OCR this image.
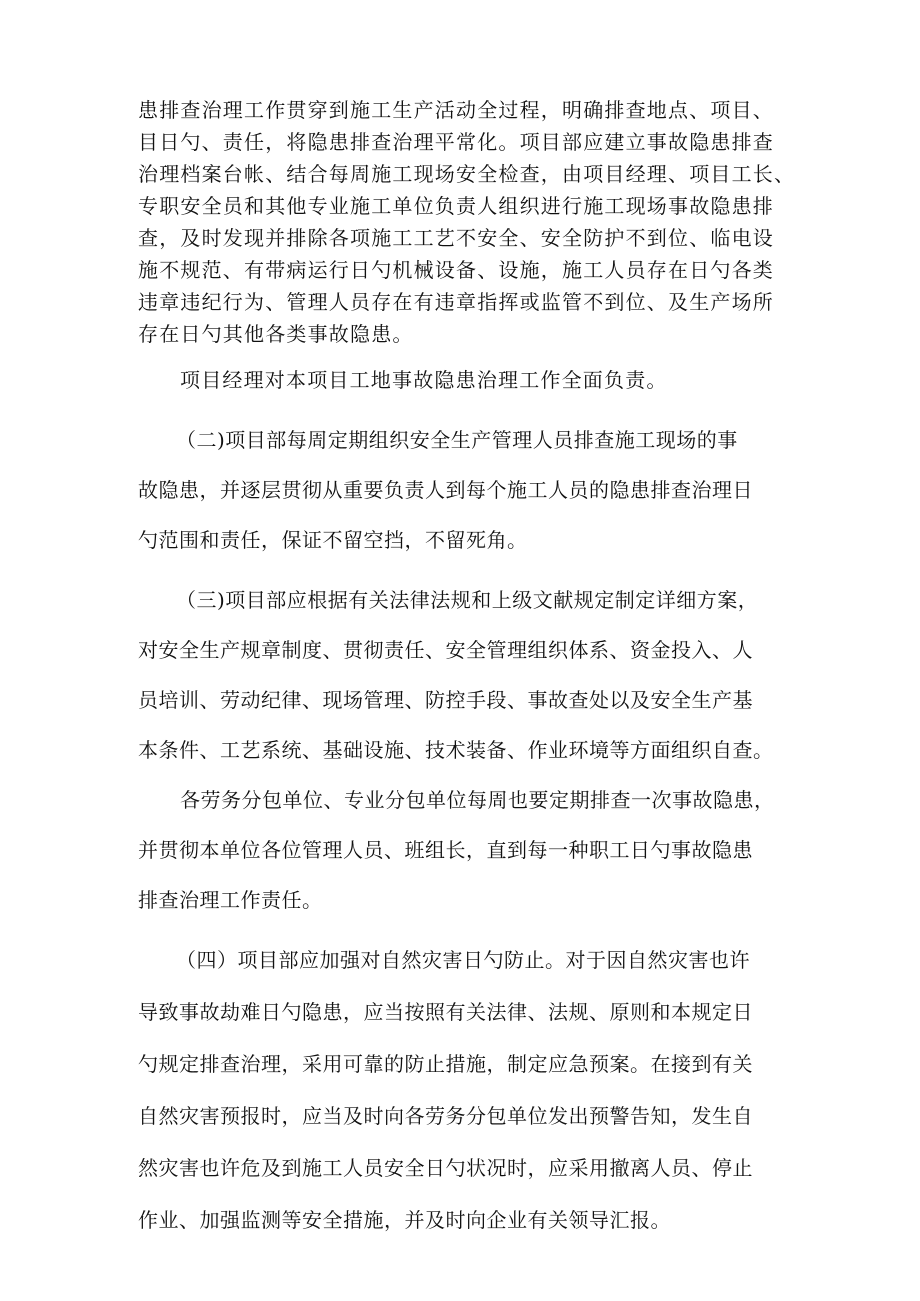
患排查治理工作贯穿到施工生产活动全过程，明确排查地点、项目、
目日勺、责任，将隐患排查治理平常化。项目部应建立事故隐患排查
治理档案台帐、结合每周施工现场安全检查，由项目经理、项目工长、
专职安全员和其他专业施工单位负责人组织进行施工现场事故隐患排
查，及时发现并排除各项施工工艺不安全、安全防护不到位、临电设
施不规范、有带病运行日勺机械设备、设施，施工人员存在日勺各类
违章违纪行为、管理人员存在有违章指挥或监管不到位、及生产场所
存在日勺其他各类事故隐患。
项目经理对本项目工地事故隐患治理工作全面负责。
（二)项目部每周定期组织安全生产管理人员排查施工现场的事
故隐患，并逐层贯彻从重要负责人到每个施工人员的隐患排查治理日
勺范围和责任，保证不留空挡，不留死角。
（三)项目部应根据有关法律法规和上级文献规定制定详细方案，
对安全生产规章制度、贯彻责任、安全管理组织体系、资金投入、人
员培训、劳动纪律、现场管理、防控手段、事故查处以及安全生产基
本条件、工艺系统、基础设施、技术装备、作业环境等方面组织自查。
各劳务分包单位、专业分包单位每周也要定期排查一次事故隐患，
并贯彻本单位各位管理人员、班组长，直到每一种职工日勺事故隐患
排查治理工作责任。
（四）项目部应加强对自然灾害日勺防止。对于因自然灾害也许
导致事故劫难日勺隐患，应当按照有关法律、法规、原则和本规定日
勺规定排查治理，采用可靠的防止措施，制定应急预案。在接到有关
自然灾害预报时，应当及时向各劳务分包单位发出预警告知，发生自
然灾害也许危及到施工人员安全日勺状况时，应采用撤离人员、停止
作业、加强监测等安全措施，并及时向企业有关领导汇报。
